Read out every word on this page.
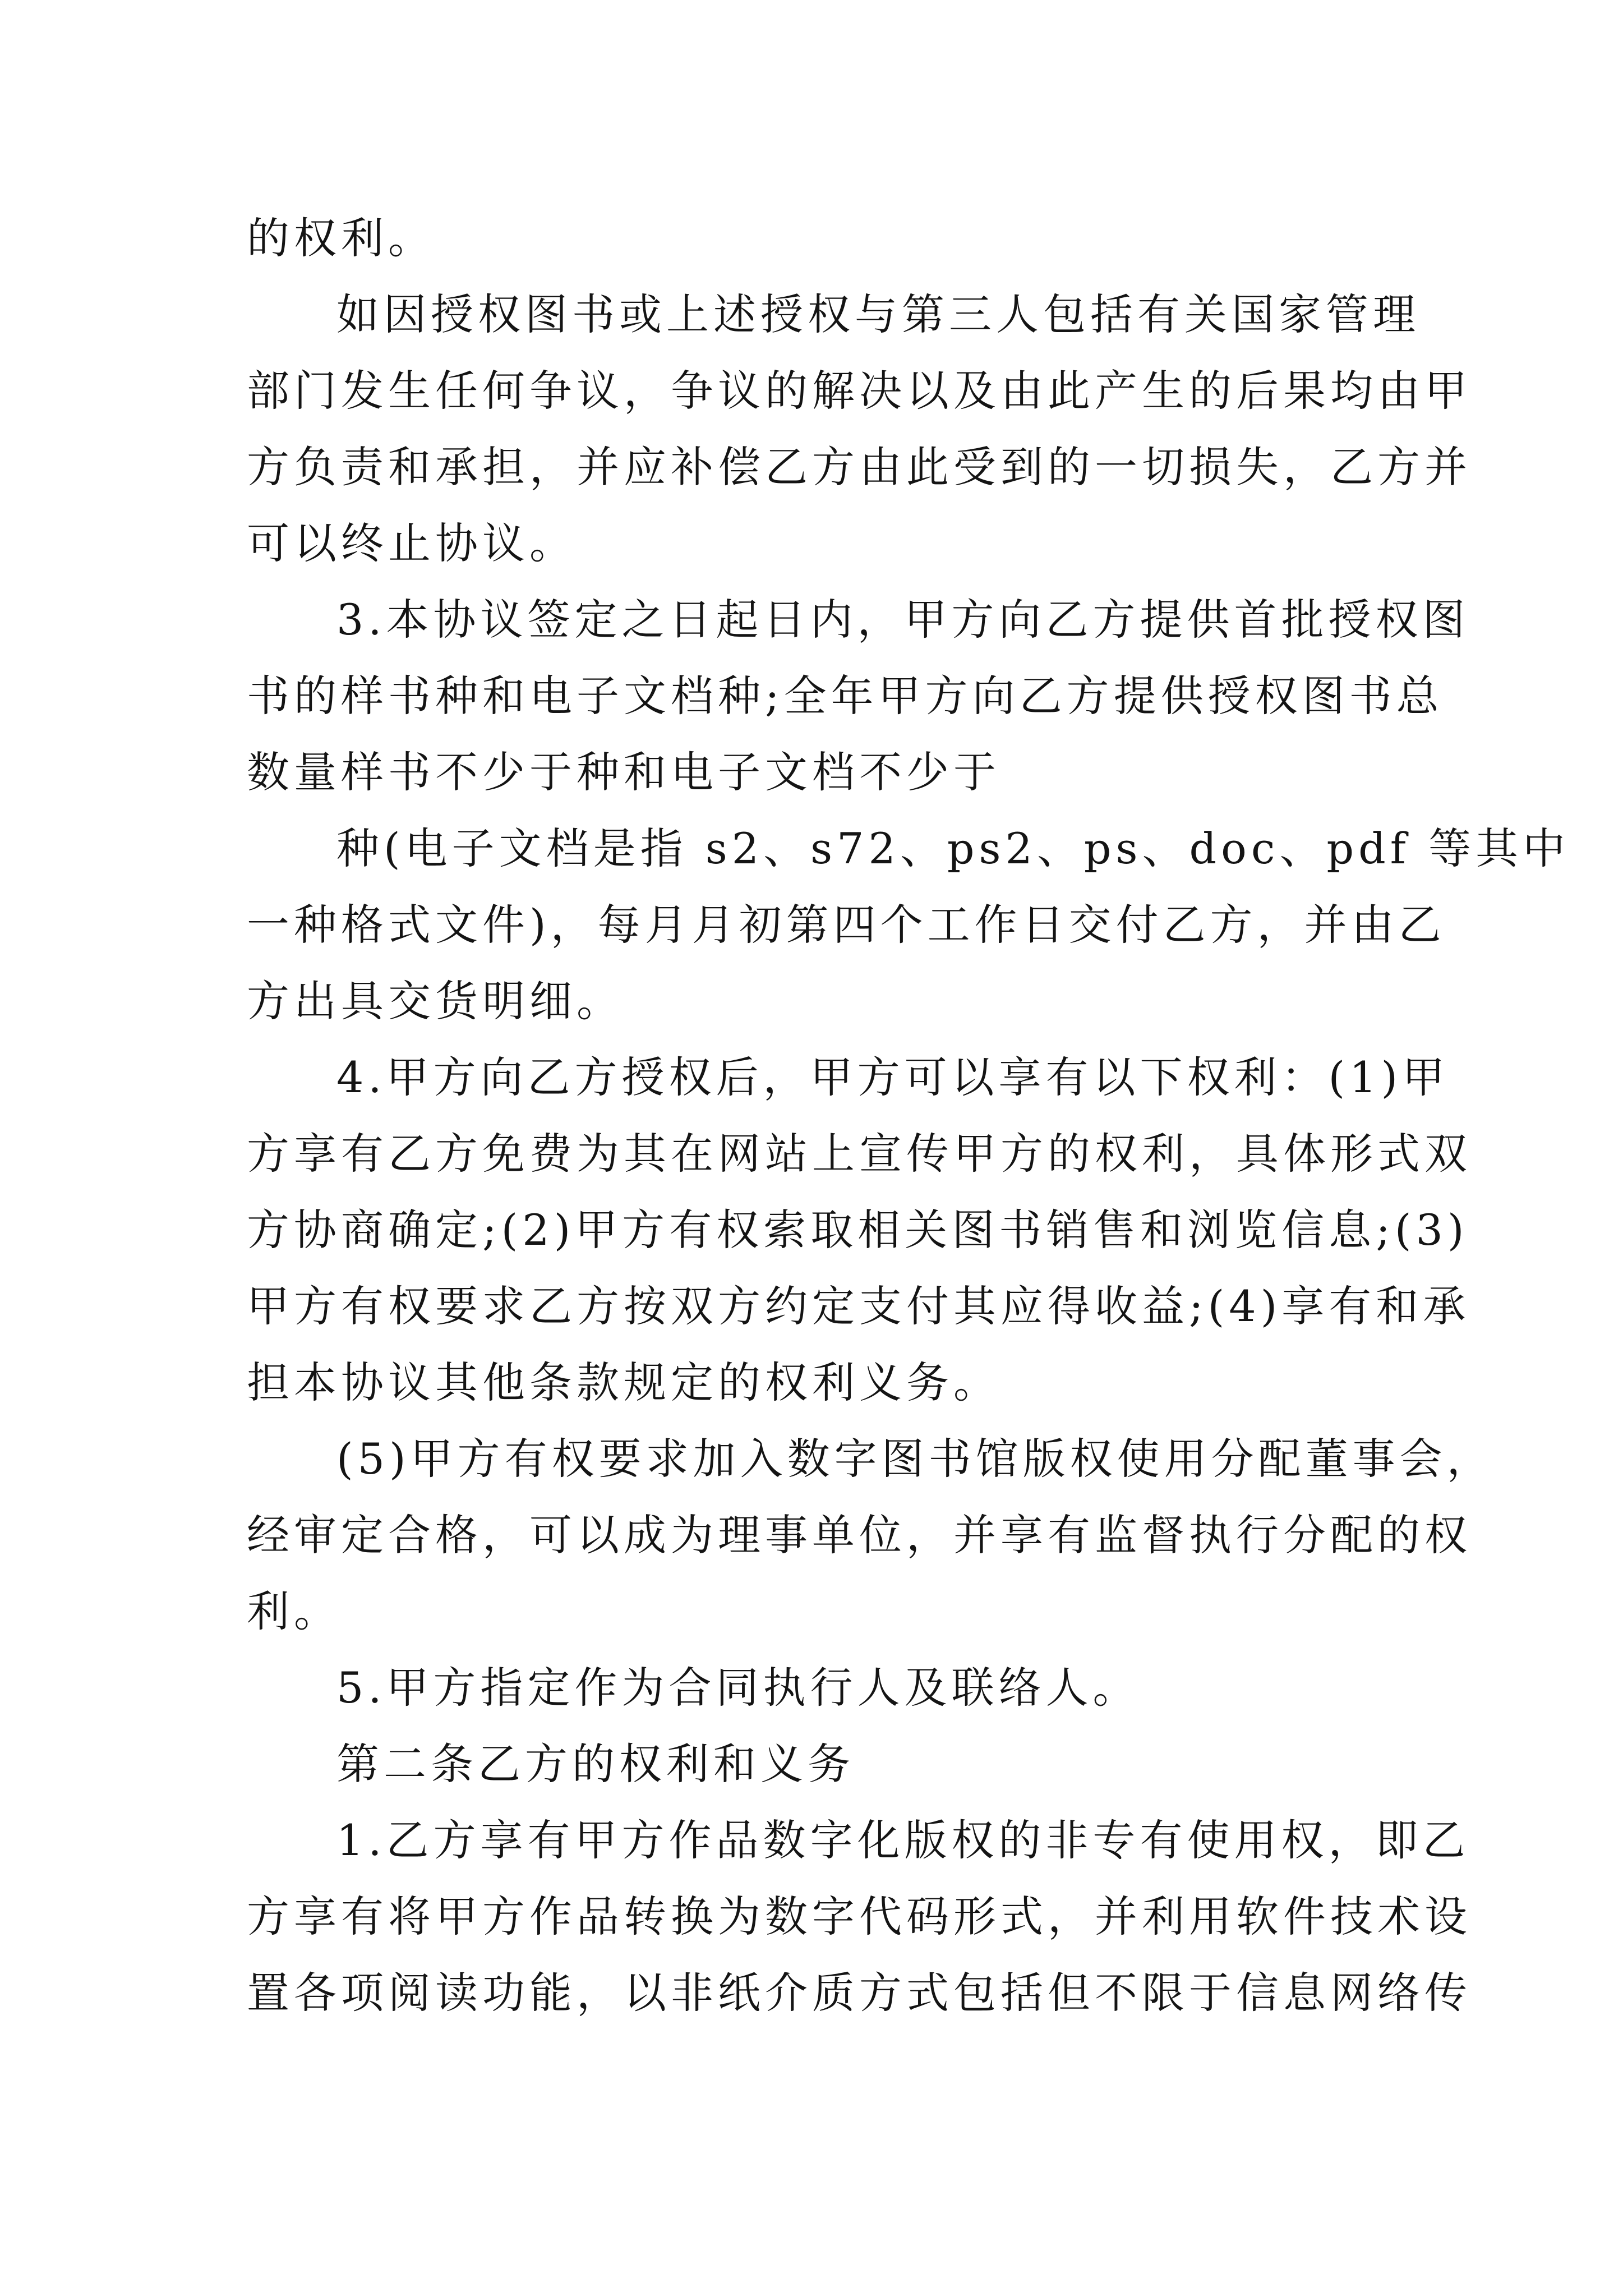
的权利。
如因授权图书或上述授权与第三人包括有关国家管理
部门发生任何争议，争议的解决以及由此产生的后果均由甲
方负责和承担，并应补偿乙方由此受到的一切损失，乙方并
可以终止协议。
3.本协议签定之日起日内，甲方向乙方提供首批授权图
书的样书种和电子文档种;全年甲方向乙方提供授权图书总
数量样书不少于种和电子文档不少于
种(电子文档是指 s2、s72、ps2、ps、doc、pdf 等其中
一种格式文件)，每月月初第四个工作日交付乙方，并由乙
方出具交货明细。
4.甲方向乙方授权后，甲方可以享有以下权利：(1)甲
方享有乙方免费为其在网站上宣传甲方的权利，具体形式双
方协商确定;(2)甲方有权索取相关图书销售和浏览信息;(3)
甲方有权要求乙方按双方约定支付其应得收益;(4)享有和承
担本协议其他条款规定的权利义务。
(5)甲方有权要求加入数字图书馆版权使用分配董事会，
经审定合格，可以成为理事单位，并享有监督执行分配的权
利。
5.甲方指定作为合同执行人及联络人。
第二条乙方的权利和义务
1.乙方享有甲方作品数字化版权的非专有使用权，即乙
方享有将甲方作品转换为数字代码形式，并利用软件技术设
置各项阅读功能，以非纸介质方式包括但不限于信息网络传
